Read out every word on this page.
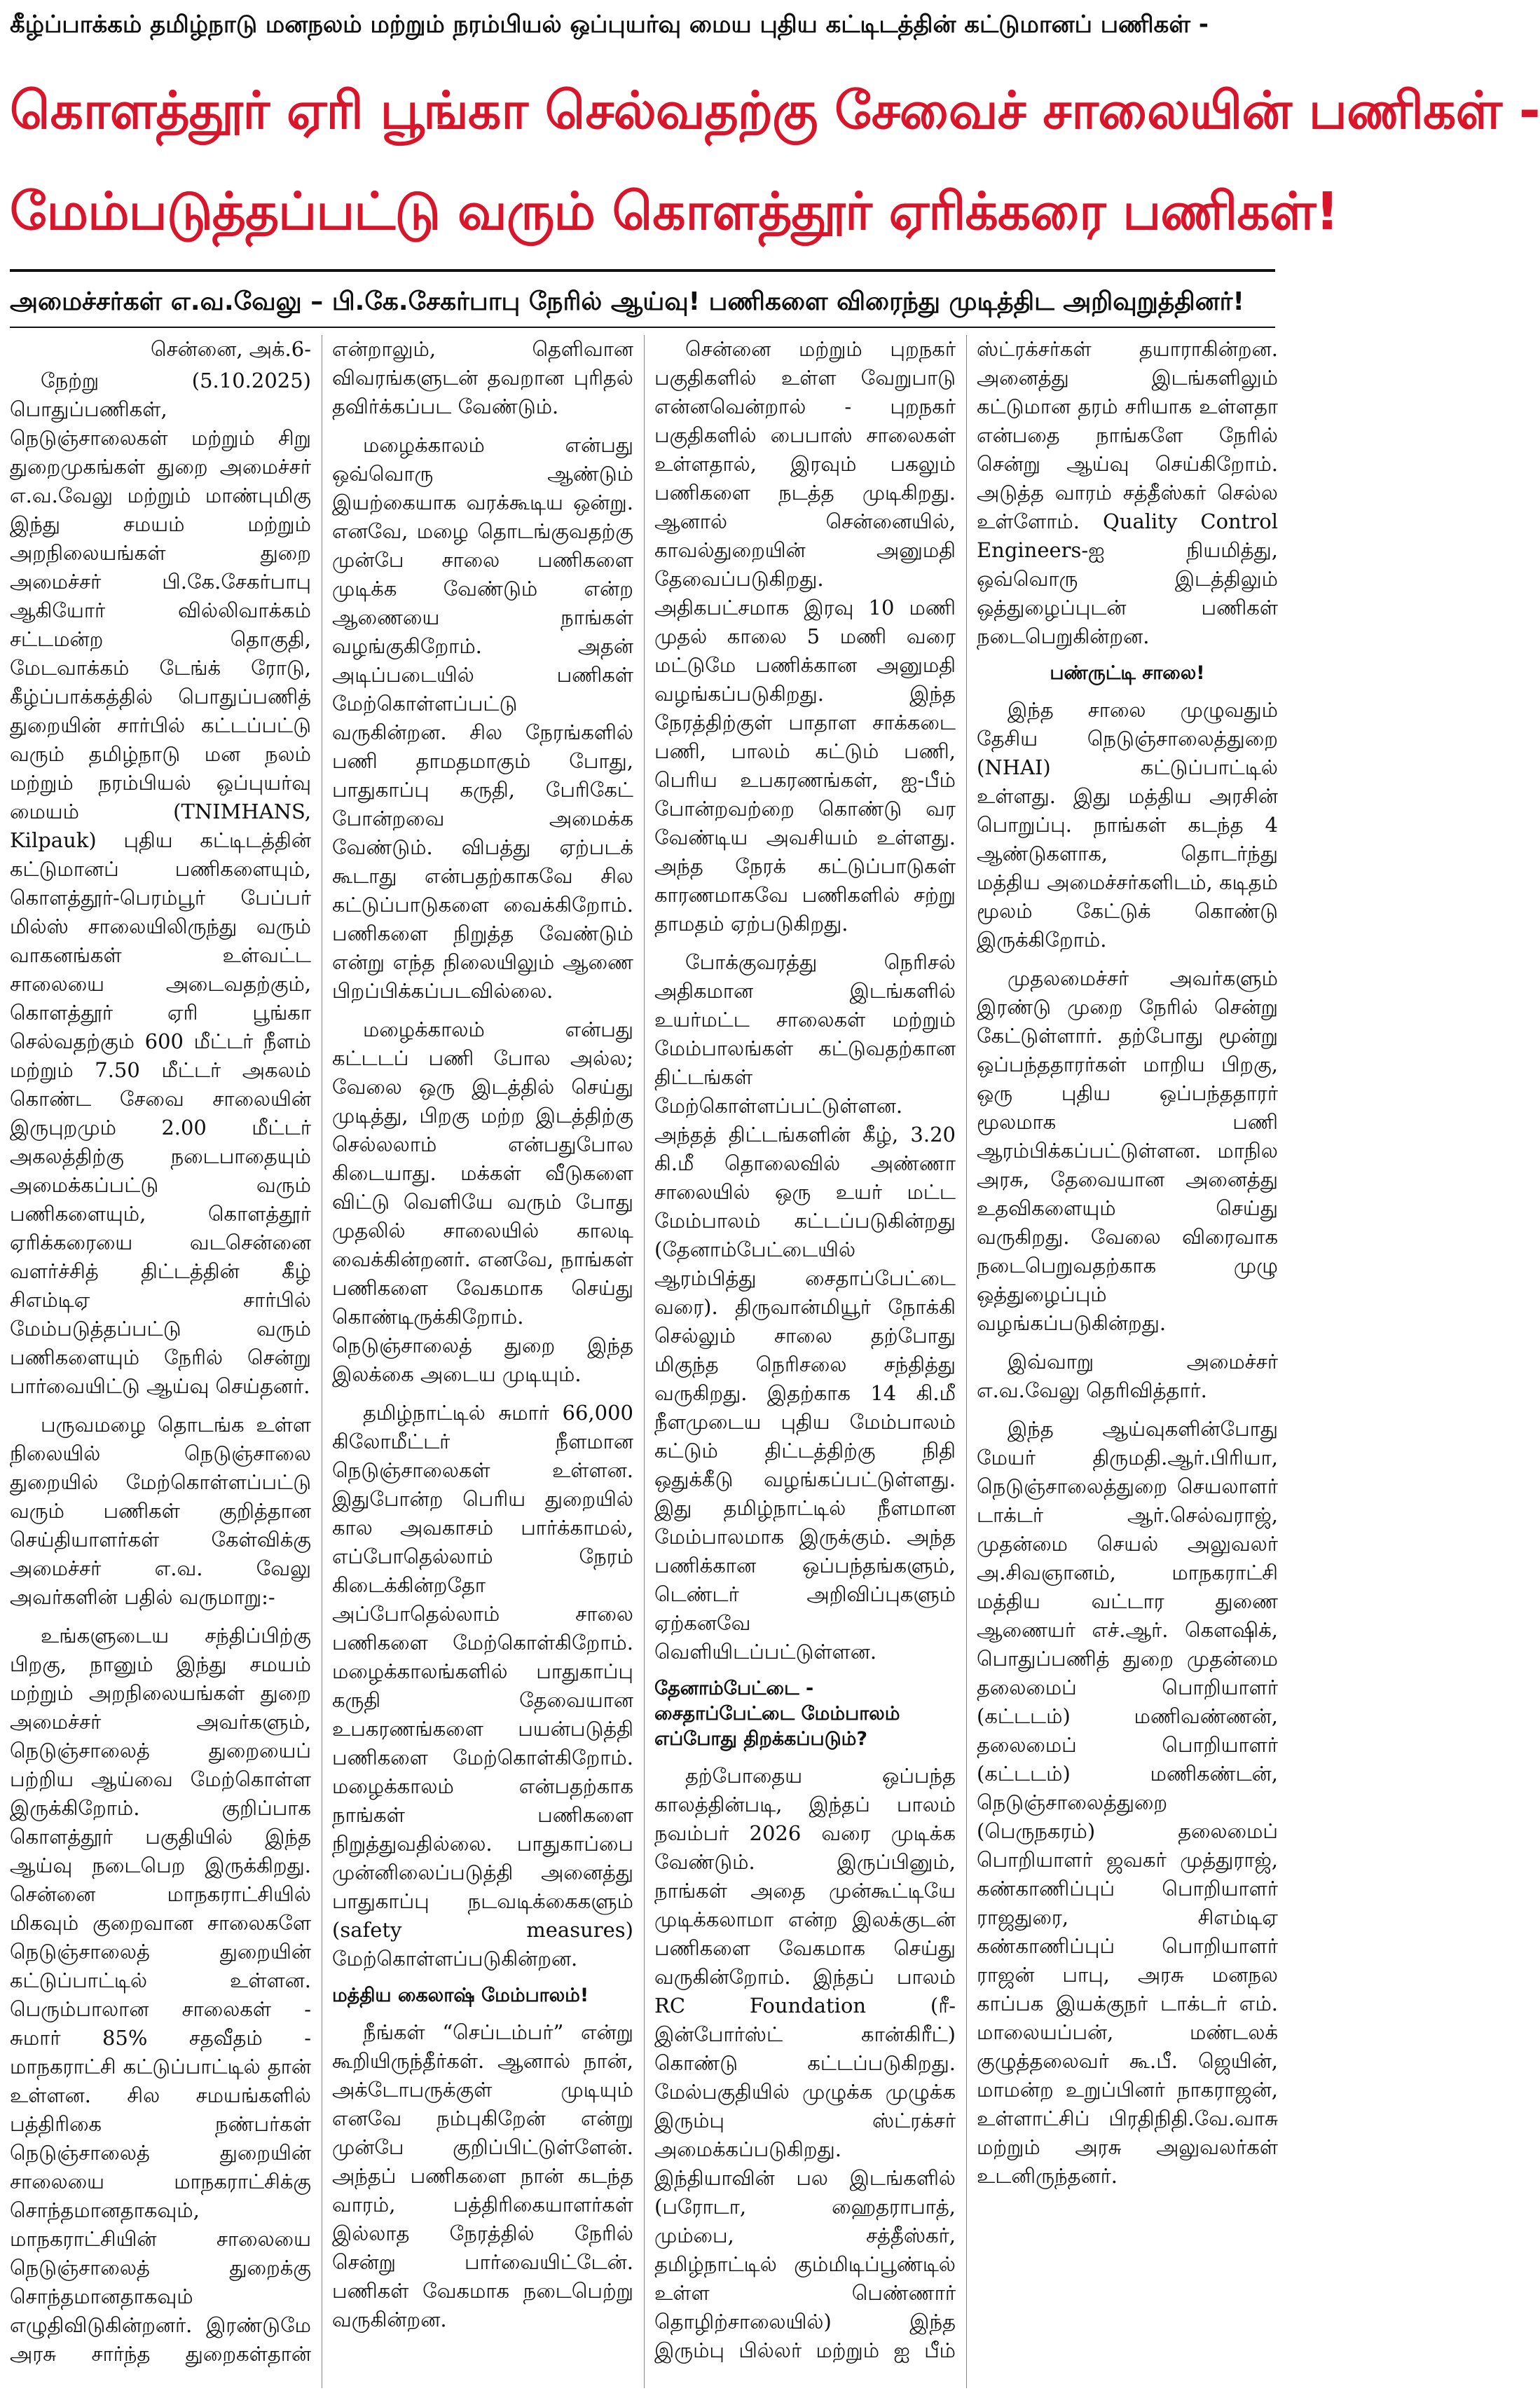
கீழ்ப்பாக்கம் தமிழ்நாடு மனநலம் மற்றும் நரம்பியல் ஒப்புயர்வு மைய புதிய கட்டிடத்தின் கட்டுமானப் பணிகள் -
கொளத்தூர் ஏரி பூங்கா செல்வதற்கு சேவைச் சாலையின் பணிகள் -
மேம்படுத்தப்பட்டு வரும் கொளத்தூர் ஏரிக்கரை பணிகள்!
அமைச்சர்கள் எ.வ.வேலு – பி.கே.சேகர்பாபு நேரில் ஆய்வு! பணிகளை விரைந்து முடித்திட அறிவுறுத்தினர்!

சென்னை, அக்.6-

நேற்று (5.10.2025) பொதுப்பணிகள், நெடுஞ்சாலைகள் மற்றும் சிறு துறைமுகங்கள் துறை அமைச்சர் எ.வ.வேலு மற்றும் மாண்புமிகு இந்து சமயம் மற்றும் அறநிலையங்கள் துறை அமைச்சர் பி.கே.சேகர்பாபு ஆகியோர் வில்லிவாக்கம் சட்டமன்ற தொகுதி, மேடவாக்கம் டேங்க் ரோடு, கீழ்ப்பாக்கத்தில் பொதுப்பணித் துறையின் சார்பில் கட்டப்பட்டு வரும் தமிழ்நாடு மன நலம் மற்றும் நரம்பியல் ஒப்புயர்வு மையம் (TNIMHANS, Kilpauk) புதிய கட்டிடத்தின் கட்டுமானப் பணிகளையும், கொளத்தூர்-பெரம்பூர் பேப்பர் மில்ஸ் சாலையிலிருந்து வரும் வாகனங்கள் உள்வட்ட சாலையை அடைவதற்கும், கொளத்தூர் ஏரி பூங்கா செல்வதற்கும் 600 மீட்டர் நீளம் மற்றும் 7.50 மீட்டர் அகலம் கொண்ட சேவை சாலையின் இருபுறமும் 2.00 மீட்டர் அகலத்திற்கு நடைபாதையும் அமைக்கப்பட்டு வரும் பணிகளையும், கொளத்தூர் ஏரிக்கரையை வடசென்னை வளர்ச்சித் திட்டத்தின் கீழ் சிஎம்டிஏ சார்பில் மேம்படுத்தப்பட்டு வரும் பணிகளையும் நேரில் சென்று பார்வையிட்டு ஆய்வு செய்தனர்.

பருவமழை தொடங்க உள்ள நிலையில் நெடுஞ்சாலை துறையில் மேற்கொள்ளப்பட்டு வரும் பணிகள் குறித்தான செய்தியாளர்கள் கேள்விக்கு அமைச்சர் எ.வ. வேலு அவர்களின் பதில் வருமாறு:-

உங்களுடைய சந்திப்பிற்கு பிறகு, நானும் இந்து சமயம் மற்றும் அறநிலையங்கள் துறை அமைச்சர் அவர்களும், நெடுஞ்சாலைத் துறையைப் பற்றிய ஆய்வை மேற்கொள்ள இருக்கிறோம். குறிப்பாக கொளத்தூர் பகுதியில் இந்த ஆய்வு நடைபெற இருக்கிறது. சென்னை மாநகராட்சியில் மிகவும் குறைவான சாலைகளே நெடுஞ்சாலைத் துறையின் கட்டுப்பாட்டில் உள்ளன. பெரும்பாலான சாலைகள் - சுமார் 85% சதவீதம் - மாநகராட்சி கட்டுப்பாட்டில் தான் உள்ளன. சில சமயங்களில் பத்திரிகை நண்பர்கள் நெடுஞ்சாலைத் துறையின் சாலையை மாநகராட்சிக்கு சொந்தமானதாகவும், மாநகராட்சியின் சாலையை நெடுஞ்சாலைத் துறைக்கு சொந்தமானதாகவும் எழுதிவிடுகின்றனர். இரண்டுமே அரசு சார்ந்த துறைகள்தான் என்றாலும், தெளிவான விவரங்களுடன் தவறான புரிதல் தவிர்க்கப்பட வேண்டும்.

மழைக்காலம் என்பது ஒவ்வொரு ஆண்டும் இயற்கையாக வரக்கூடிய ஒன்று. எனவே, மழை தொடங்குவதற்கு முன்பே சாலை பணிகளை முடிக்க வேண்டும் என்ற ஆணையை நாங்கள் வழங்குகிறோம். அதன் அடிப்படையில் பணிகள் மேற்கொள்ளப்பட்டு வருகின்றன. சில நேரங்களில் பணி தாமதமாகும் போது, பாதுகாப்பு கருதி, பேரிகேட் போன்றவை அமைக்க வேண்டும். விபத்து ஏற்படக் கூடாது என்பதற்காகவே சில கட்டுப்பாடுகளை வைக்கிறோம். பணிகளை நிறுத்த வேண்டும் என்று எந்த நிலையிலும் ஆணை பிறப்பிக்கப்படவில்லை.

மழைக்காலம் என்பது கட்டடப் பணி போல அல்ல; வேலை ஒரு இடத்தில் செய்து முடித்து, பிறகு மற்ற இடத்திற்கு செல்லலாம் என்பதுபோல கிடையாது. மக்கள் வீடுகளை விட்டு வெளியே வரும் போது முதலில் சாலையில் காலடி வைக்கின்றனர். எனவே, நாங்கள் பணிகளை வேகமாக செய்து கொண்டிருக்கிறோம். நெடுஞ்சாலைத் துறை இந்த இலக்கை அடைய முடியும்.

தமிழ்நாட்டில் சுமார் 66,000 கிலோமீட்டர் நீளமான நெடுஞ்சாலைகள் உள்ளன. இதுபோன்ற பெரிய துறையில் கால அவகாசம் பார்க்காமல், எப்போதெல்லாம் நேரம் கிடைக்கின்றதோ அப்போதெல்லாம் சாலை பணிகளை மேற்கொள்கிறோம். மழைக்காலங்களில் பாதுகாப்பு கருதி தேவையான உபகரணங்களை பயன்படுத்தி பணிகளை மேற்கொள்கிறோம். மழைக்காலம் என்பதற்காக நாங்கள் பணிகளை நிறுத்துவதில்லை. பாதுகாப்பை முன்னிலைப்படுத்தி அனைத்து பாதுகாப்பு நடவடிக்கைகளும் (safety measures) மேற்கொள்ளப்படுகின்றன.

மத்திய கைலாஷ் மேம்பாலம்!

நீங்கள் “செப்டம்பர்” என்று கூறியிருந்தீர்கள். ஆனால் நான், அக்டோபருக்குள் முடியும் எனவே நம்புகிறேன் என்று முன்பே குறிப்பிட்டுள்ளேன். அந்தப் பணிகளை நான் கடந்த வாரம், பத்திரிகையாளர்கள் இல்லாத நேரத்தில் நேரில் சென்று பார்வையிட்டேன். பணிகள் வேகமாக நடைபெற்று வருகின்றன.

சென்னை மற்றும் புறநகர் பகுதிகளில் உள்ள வேறுபாடு என்னவென்றால் - புறநகர் பகுதிகளில் பைபாஸ் சாலைகள் உள்ளதால், இரவும் பகலும் பணிகளை நடத்த முடிகிறது. ஆனால் சென்னையில், காவல்துறையின் அனுமதி தேவைப்படுகிறது. அதிகபட்சமாக இரவு 10 மணி முதல் காலை 5 மணி வரை மட்டுமே பணிக்கான அனுமதி வழங்கப்படுகிறது. இந்த நேரத்திற்குள் பாதாள சாக்கடை பணி, பாலம் கட்டும் பணி, பெரிய உபகரணங்கள், ஐ-பீம் போன்றவற்றை கொண்டு வர வேண்டிய அவசியம் உள்ளது. அந்த நேரக் கட்டுப்பாடுகள் காரணமாகவே பணிகளில் சற்று தாமதம் ஏற்படுகிறது.

போக்குவரத்து நெரிசல் அதிகமான இடங்களில் உயர்மட்ட சாலைகள் மற்றும் மேம்பாலங்கள் கட்டுவதற்கான திட்டங்கள் மேற்கொள்ளப்பட்டுள்ளன. அந்தத் திட்டங்களின் கீழ், 3.20 கி.மீ தொலைவில் அண்ணா சாலையில் ஒரு உயர் மட்ட மேம்பாலம் கட்டப்படுகின்றது (தேனாம்பேட்டையில் ஆரம்பித்து சைதாப்பேட்டை வரை). திருவான்மியூர் நோக்கி செல்லும் சாலை தற்போது மிகுந்த நெரிசலை சந்தித்து வருகிறது. இதற்காக 14 கி.மீ நீளமுடைய புதிய மேம்பாலம் கட்டும் திட்டத்திற்கு நிதி ஒதுக்கீடு வழங்கப்பட்டுள்ளது. இது தமிழ்நாட்டில் நீளமான மேம்பாலமாக இருக்கும். அந்த பணிக்கான ஒப்பந்தங்களும், டெண்டர் அறிவிப்புகளும் ஏற்கனவே வெளியிடப்பட்டுள்ளன.

தேனாம்பேட்டை - சைதாப்பேட்டை மேம்பாலம் எப்போது திறக்கப்படும்?

தற்போதைய ஒப்பந்த காலத்தின்படி, இந்தப் பாலம் நவம்பர் 2026 வரை முடிக்க வேண்டும். இருப்பினும், நாங்கள் அதை முன்கூட்டியே முடிக்கலாமா என்ற இலக்குடன் பணிகளை வேகமாக செய்து வருகின்றோம். இந்தப் பாலம் RC Foundation (ரீ-இன்போர்ஸ்ட் கான்கிரீட்) கொண்டு கட்டப்படுகிறது. மேல்பகுதியில் முழுக்க முழுக்க இரும்பு ஸ்ட்ரக்சர் அமைக்கப்படுகிறது. இந்தியாவின் பல இடங்களில் (பரோடா, ஹைதராபாத், மும்பை, சத்தீஸ்கர், தமிழ்நாட்டில் கும்மிடிப்பூண்டில் உள்ள பெண்ணார் தொழிற்சாலையில்) இந்த இரும்பு பில்லர் மற்றும் ஐ பீம் ஸ்ட்ரக்சர்கள் தயாராகின்றன. அனைத்து இடங்களிலும் கட்டுமான தரம் சரியாக உள்ளதா என்பதை நாங்களே நேரில் சென்று ஆய்வு செய்கிறோம். அடுத்த வாரம் சத்தீஸ்கர் செல்ல உள்ளோம். Quality Control Engineers-ஐ நியமித்து, ஒவ்வொரு இடத்திலும் ஒத்துழைப்புடன் பணிகள் நடைபெறுகின்றன.

பண்ருட்டி சாலை!

இந்த சாலை முழுவதும் தேசிய நெடுஞ்சாலைத்துறை (NHAI) கட்டுப்பாட்டில் உள்ளது. இது மத்திய அரசின் பொறுப்பு. நாங்கள் கடந்த 4 ஆண்டுகளாக, தொடர்ந்து மத்திய அமைச்சர்களிடம், கடிதம் மூலம் கேட்டுக் கொண்டு இருக்கிறோம்.

முதலமைச்சர் அவர்களும் இரண்டு முறை நேரில் சென்று கேட்டுள்ளார். தற்போது மூன்று ஒப்பந்ததாரர்கள் மாறிய பிறகு, ஒரு புதிய ஒப்பந்ததாரர் மூலமாக பணி ஆரம்பிக்கப்பட்டுள்ளன. மாநில அரசு, தேவையான அனைத்து உதவிகளையும் செய்து வருகிறது. வேலை விரைவாக நடைபெறுவதற்காக முழு ஒத்துழைப்பும் வழங்கப்படுகின்றது.

இவ்வாறு அமைச்சர் எ.வ.வேலு தெரிவித்தார்.

இந்த ஆய்வுகளின்போது மேயர் திருமதி.ஆர்.பிரியா, நெடுஞ்சாலைத்துறை செயலாளர் டாக்டர் ஆர்.செல்வராஜ், முதன்மை செயல் அலுவலர் அ.சிவஞானம், மாநகராட்சி மத்திய வட்டார துணை ஆணையர் எச்.ஆர். கௌஷிக், பொதுப்பணித் துறை முதன்மை தலைமைப் பொறியாளர் (கட்டடம்) மணிவண்ணன், தலைமைப் பொறியாளர் (கட்டடம்) மணிகண்டன், நெடுஞ்சாலைத்துறை (பெருநகரம்) தலைமைப் பொறியாளர் ஜவகர் முத்துராஜ், கண்காணிப்புப் பொறியாளர் ராஜதுரை, சிஎம்டிஏ கண்காணிப்புப் பொறியாளர் ராஜன் பாபு, அரசு மனநல காப்பக இயக்குநர் டாக்டர் எம். மாலையப்பன், மண்டலக் குழுத்தலைவர் கூ.பீ. ஜெயின், மாமன்ற உறுப்பினர் நாகராஜன், உள்ளாட்சிப் பிரதிநிதி.வே.வாசு மற்றும் அரசு அலுவலர்கள் உடனிருந்தனர்.
